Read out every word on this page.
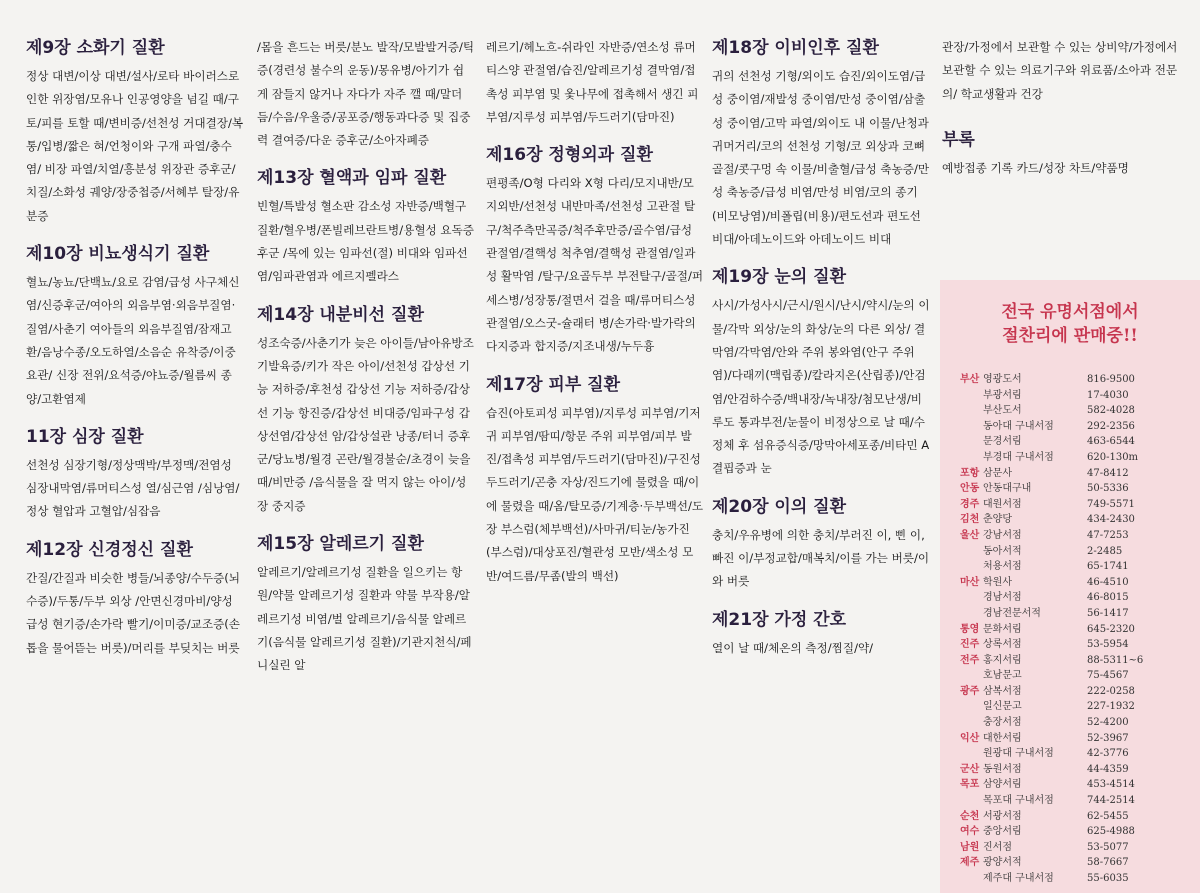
제9장 소화기 질환

정상 대변/이상 대변/설사/로타 바이러스로 인한 위장염/모유나 인공영양을 넘길 때/구토/피를 토할 때/변비증/선천성 거대결장/복통/입병/짧은 혀/언청이와 구개 파열/충수염/ 비장 파열/치열/흥분성 위장관 증후군/치질/소화성 궤양/장중첩증/서혜부 탈장/유분증

제10장 비뇨생식기 질환

혈뇨/농뇨/단백뇨/요로 감염/급성 사구체신염/신증후군/여아의 외음부염·외음부질염·질염/사춘기 여아들의 외음부질염/잠재고환/음낭수종/오도하열/소음순 유착증/이중 요관/ 신장 전위/요석증/야뇨증/월름씨 종양/고환염제

11장 심장 질환

선천성 심장기형/정상맥박/부정맥/전염성 심장내막염/류머티스성 열/심근염 /심낭염/정상 혈압과 고혈압/심잡음

제12장 신경정신 질환

간질/간질과 비슷한 병들/뇌종양/수두증(뇌수증)/두통/두부 외상 /안면신경마비/양성 급성 현기증/손가락 빨기/이미증/교조증(손톱을 물어뜯는 버릇)/머리를 부딪치는 버릇

/몸을 흔드는 버릇/분노 발작/모발발거증/틱증(경련성 불수의 운동)/몽유병/아기가 쉽게 잠들지 않거나 자다가 자주 깰 때/말더듬/수음/우울증/공포증/행동과다증 및 집중력 결여증/다운 증후군/소아자폐증

제13장 혈액과 임파 질환

빈혈/특발성 혈소판 감소성 자반증/백혈구 질환/혈우병/폰빌레브란트병/용혈성 요독증후군 /목에 있는 임파선(절) 비대와 임파선염/임파관염과 에르지펠라스

제14장 내분비선 질환

성조숙증/사춘기가 늦은 아이들/남아유방조기발육증/키가 작은 아이/선천성 갑상선 기능 저하증/후천성 갑상선 기능 저하증/갑상선 기능 항진증/갑상선 비대증/임파구성 갑상선염/갑상선 암/갑상설관 낭종/터너 증후군/당뇨병/월경 곤란/월경불순/초경이 늦을 때/비만증 /음식물을 잘 먹지 않는 아이/성장 중지증

제15장 알레르기 질환

알레르기/알레르기성 질환을 일으키는 항원/약물 알레르기성 질환과 약물 부작용/알레르기성 비염/벌 알레르기/음식물 알레르기(음식물 알레르기성 질환)/기관지천식/페니실린 알

레르기/헤노흐-쉬라인 자반증/연소성 류머티스양 관절염/습진/알레르기성 결막염/접촉성 피부염 및 옻나무에 접촉해서 생긴 피부염/지루성 피부염/두드러기(담마진)

제16장 정형외과 질환

편평족/O형 다리와 X형 다리/모지내반/모지외반/선천성 내반마족/선천성 고관절 탈구/척주측만곡증/척주후만증/골수염/급성 관절염/결핵성 척추염/결핵성 관절염/일과성 활막염 /탈구/요골두부 부전탈구/골절/퍼세스병/성장통/절면서 걸을 때/류머티스성 관절염/오스굿-슐래터 병/손가락·발가락의 다지증과 합지증/지조내생/누두흉

제17장 피부 질환

습진(아토피성 피부염)/지루성 피부염/기저귀 피부염/땀띠/항문 주위 피부염/피부 발진/접촉성 피부염/두드러기(담마진)/구진성 두드러기/곤충 자상/진드기에 물렸을 때/이에 물렸을 때/옴/탈모증/기계층·두부백선/도장 부스럼(체부백선)/사마귀/티눈/농가진(부스럼)/대상포진/혈관성 모반/색소성 모반/여드름/무좀(발의 백선)

제18장 이비인후 질환

귀의 선천성 기형/외이도 습진/외이도염/급성 중이염/재발성 중이염/만성 중이염/삼출성 중이염/고막 파열/외이도 내 이물/난청과 귀머거리/코의 선천성 기형/코 외상과 코뼈 골절/콧구멍 속 이물/비출혈/급성 축농증/만성 축농증/급성 비염/만성 비염/코의 종기(비모낭염)/비폴립(비용)/편도선과 편도선 비대/아데노이드와 아데노이드 비대

제19장 눈의 질환

사시/가성사시/근시/원시/난시/약시/눈의 이물/각막 외상/눈의 화상/눈의 다른 외상/ 결막염/각막염/안와 주위 봉와염(안구 주위염)/다래끼(맥립종)/칼라지온(산립종)/안검염/안검하수증/백내장/녹내장/첨모난생/비루도 통과부전/눈물이 비정상으로 날 때/수정체 후 섬유증식증/망막아세포종/비타민 A 결핍증과 눈

제20장 이의 질환

충치/우유병에 의한 충치/부러진 이, 삔 이, 빠진 이/부정교합/매복치/이를 가는 버릇/이와 버릇

제21장 가정 간호

열이 날 때/체온의 측정/찜질/약/

관장/가정에서 보관할 수 있는 상비약/가정에서 보관할 수 있는 의료기구와 위료품/소아과 전문의/ 학교생활과 건강

부록

예방접종 기록 카드/성장 차트/약품명

전국 유명서점에서
절찬리에 판매중!!
부산 영광도서	816-9500
부광서림	17-4030
부산도서	582-4028
동아대 구내서점	292-2356
문경서림	463-6544
부경대 구내서점	620-130m
포항 삼문사	47-8412
안동 안동대구내	50-5336
경주 대원서점	749-5571
김천 춘양당	434-2430
울산 강남서점	47-7253
동아서적	2-2485
처용서점	65-1741
마산 학원사	46-4510
경남서점	46-8015
경남전문서적	56-1417
통영 문화서림	645-2320
진주 상록서점	53-5954
전주 홍지서림	88-5311~6
호남문고	75-4567
광주 삼복서점	222-0258
일신문고	227-1932
충장서점	52-4200
익산 대한서림	52-3967
원광대 구내서점	42-3776
군산 동원서점	44-4359
목포 삼양서림	453-4514
목포대 구내서점	744-2514
순천 서광서점	62-5455
여수 중앙서림	625-4988
남원 진서점	53-5077
제주 광양서적	58-7667
제주대 구내서점	55-6035
